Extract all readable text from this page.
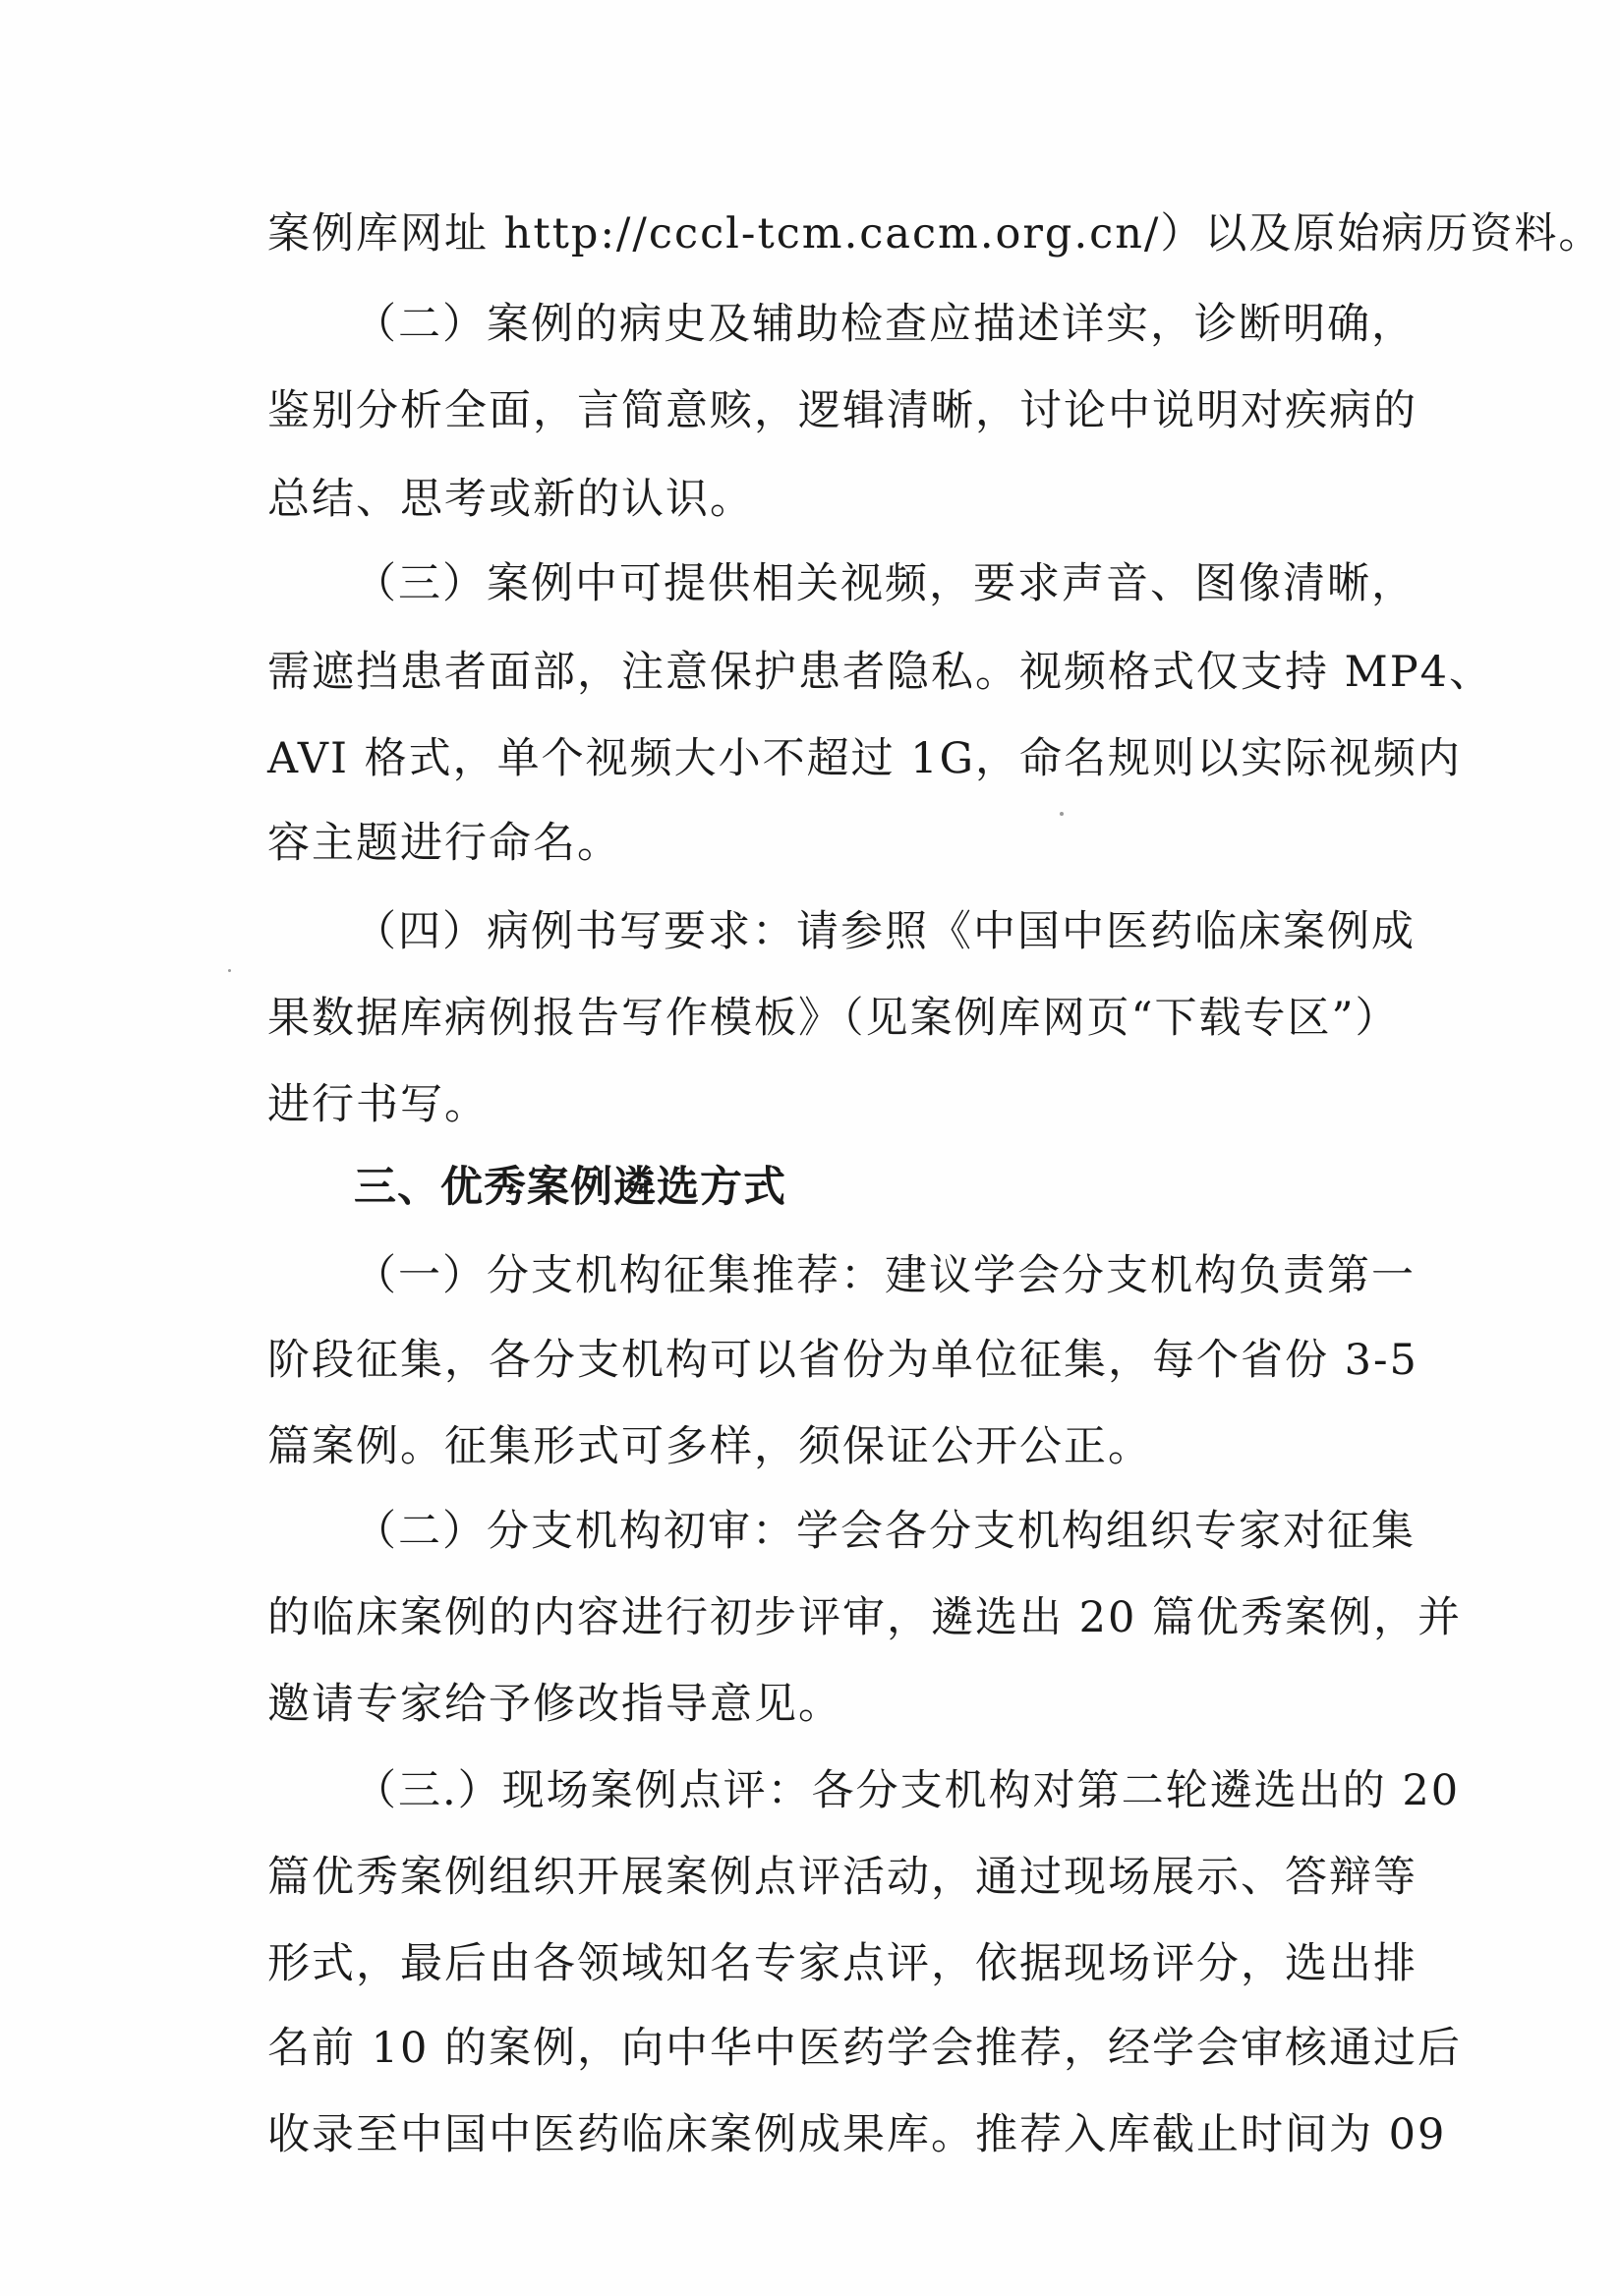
案例库网址 http://cccl-tcm.cacm.org.cn/）以及原始病历资料。
（二）案例的病史及辅助检查应描述详实，诊断明确，
鉴别分析全面，言简意赅，逻辑清晰，讨论中说明对疾病的
总结、思考或新的认识。
（三）案例中可提供相关视频，要求声音、图像清晰，
需遮挡患者面部，注意保护患者隐私。视频格式仅支持 MP4、
AVI 格式，单个视频大小不超过 1G，命名规则以实际视频内
容主题进行命名。
（四）病例书写要求：请参照《中国中医药临床案例成
果数据库病例报告写作模板》（见案例库网页“下载专区”）
进行书写。
三、优秀案例遴选方式
（一）分支机构征集推荐：建议学会分支机构负责第一
阶段征集，各分支机构可以省份为单位征集，每个省份 3-5
篇案例。征集形式可多样，须保证公开公正。
（二）分支机构初审：学会各分支机构组织专家对征集
的临床案例的内容进行初步评审，遴选出 20 篇优秀案例，并
邀请专家给予修改指导意见。
（三.）现场案例点评：各分支机构对第二轮遴选出的 20
篇优秀案例组织开展案例点评活动，通过现场展示、答辩等
形式，最后由各领域知名专家点评，依据现场评分，选出排
名前 10 的案例，向中华中医药学会推荐，经学会审核通过后
收录至中国中医药临床案例成果库。推荐入库截止时间为 09
